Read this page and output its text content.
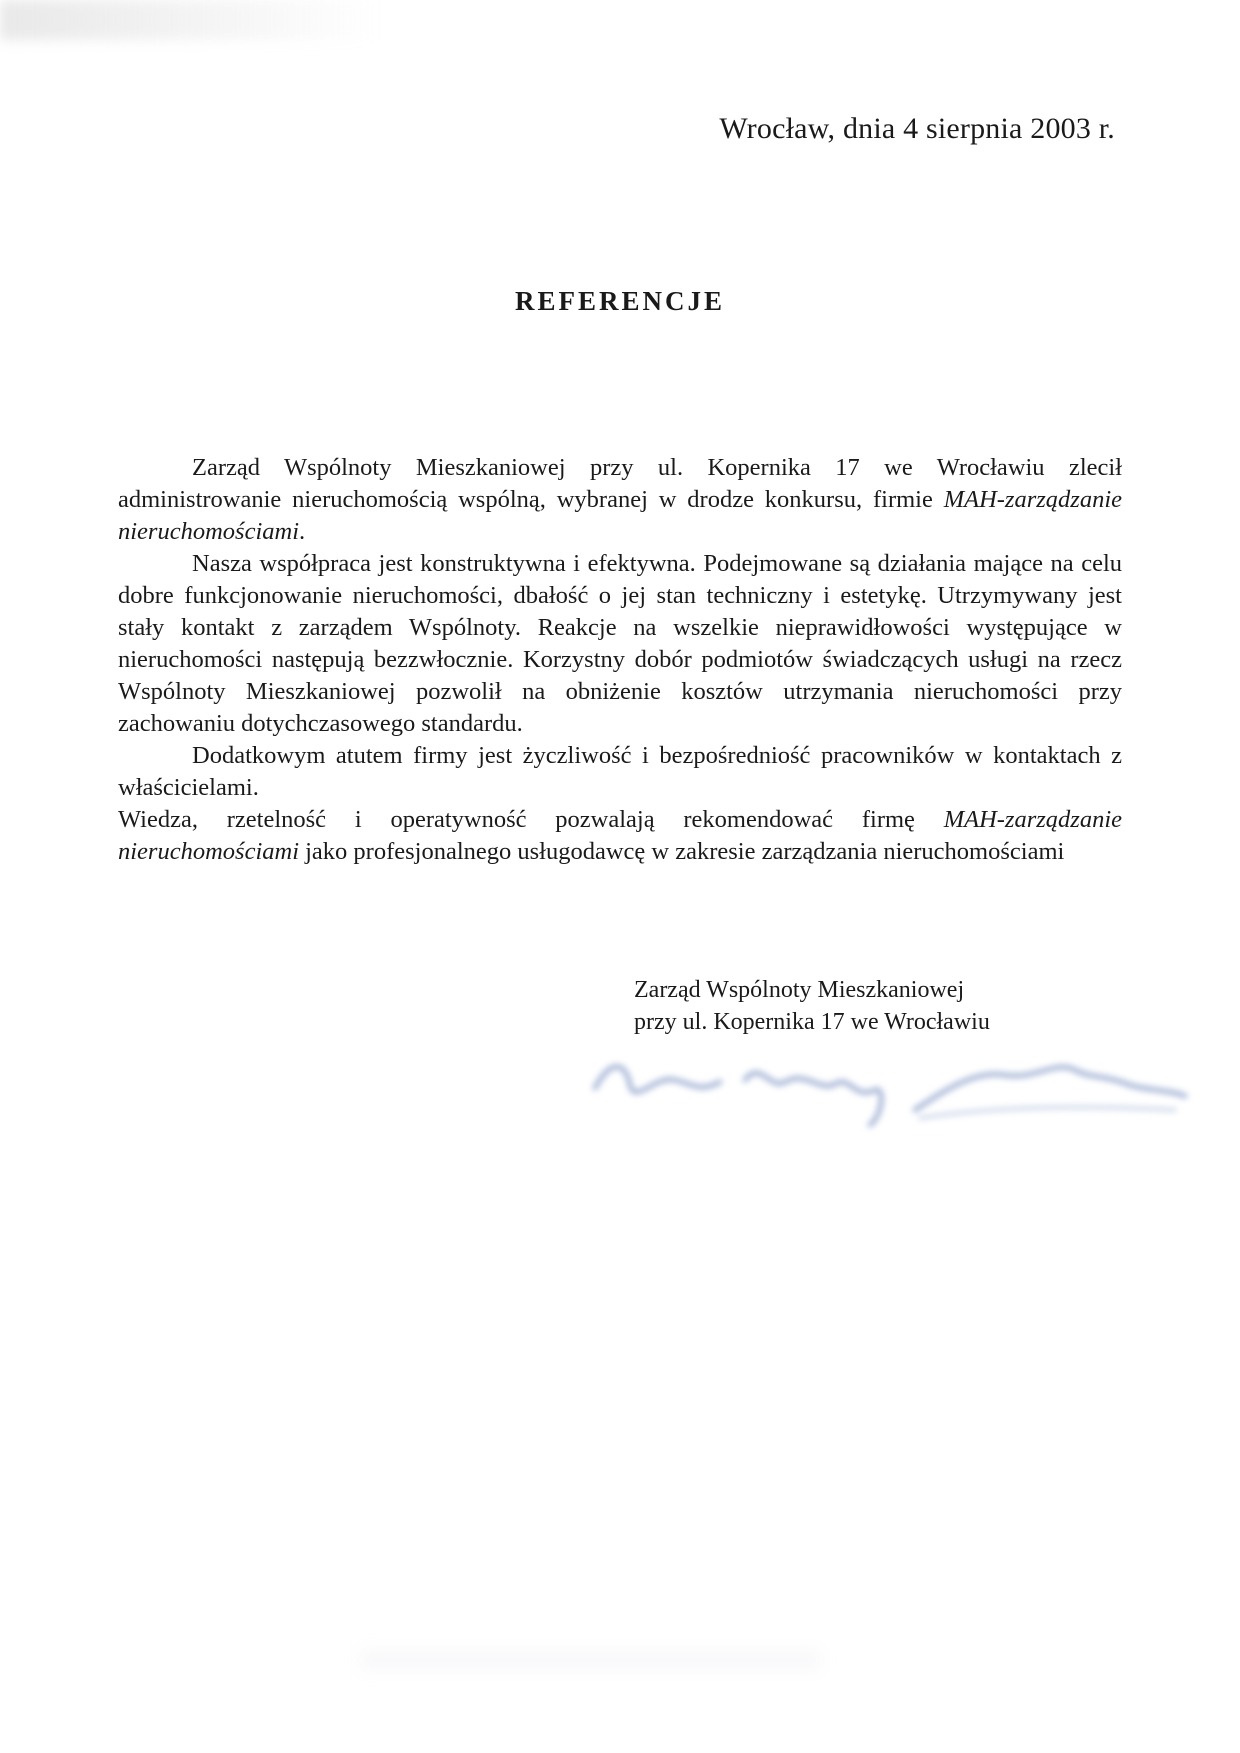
Wrocław, dnia 4 sierpnia 2003 r.
REFERENCJE

Zarząd Wspólnoty Mieszkaniowej przy ul. Kopernika 17 we Wrocławiu zlecił administrowanie nieruchomością wspólną, wybranej w drodze konkursu, firmie MAH-zarządzanie nieruchomościami.

Nasza współpraca jest konstruktywna i efektywna. Podejmowane są działania mające na celu dobre funkcjonowanie nieruchomości, dbałość o jej stan techniczny i estetykę. Utrzymywany jest stały kontakt z zarządem Wspólnoty. Reakcje na wszelkie nieprawidłowości występujące w nieruchomości następują bezzwłocznie. Korzystny dobór podmiotów świadczących usługi na rzecz Wspólnoty Mieszkaniowej pozwolił na obniżenie kosztów utrzymania nieruchomości przy zachowaniu dotychczasowego standardu.

Dodatkowym atutem firmy jest życzliwość i bezpośredniość pracowników w kontaktach z właścicielami.

Wiedza, rzetelność i operatywność pozwalają rekomendować firmę MAH-zarządzanie nieruchomościami jako profesjonalnego usługodawcę w zakresie zarządzania nieruchomościami

Zarząd Wspólnoty Mieszkaniowej
przy ul. Kopernika 17 we Wrocławiu
